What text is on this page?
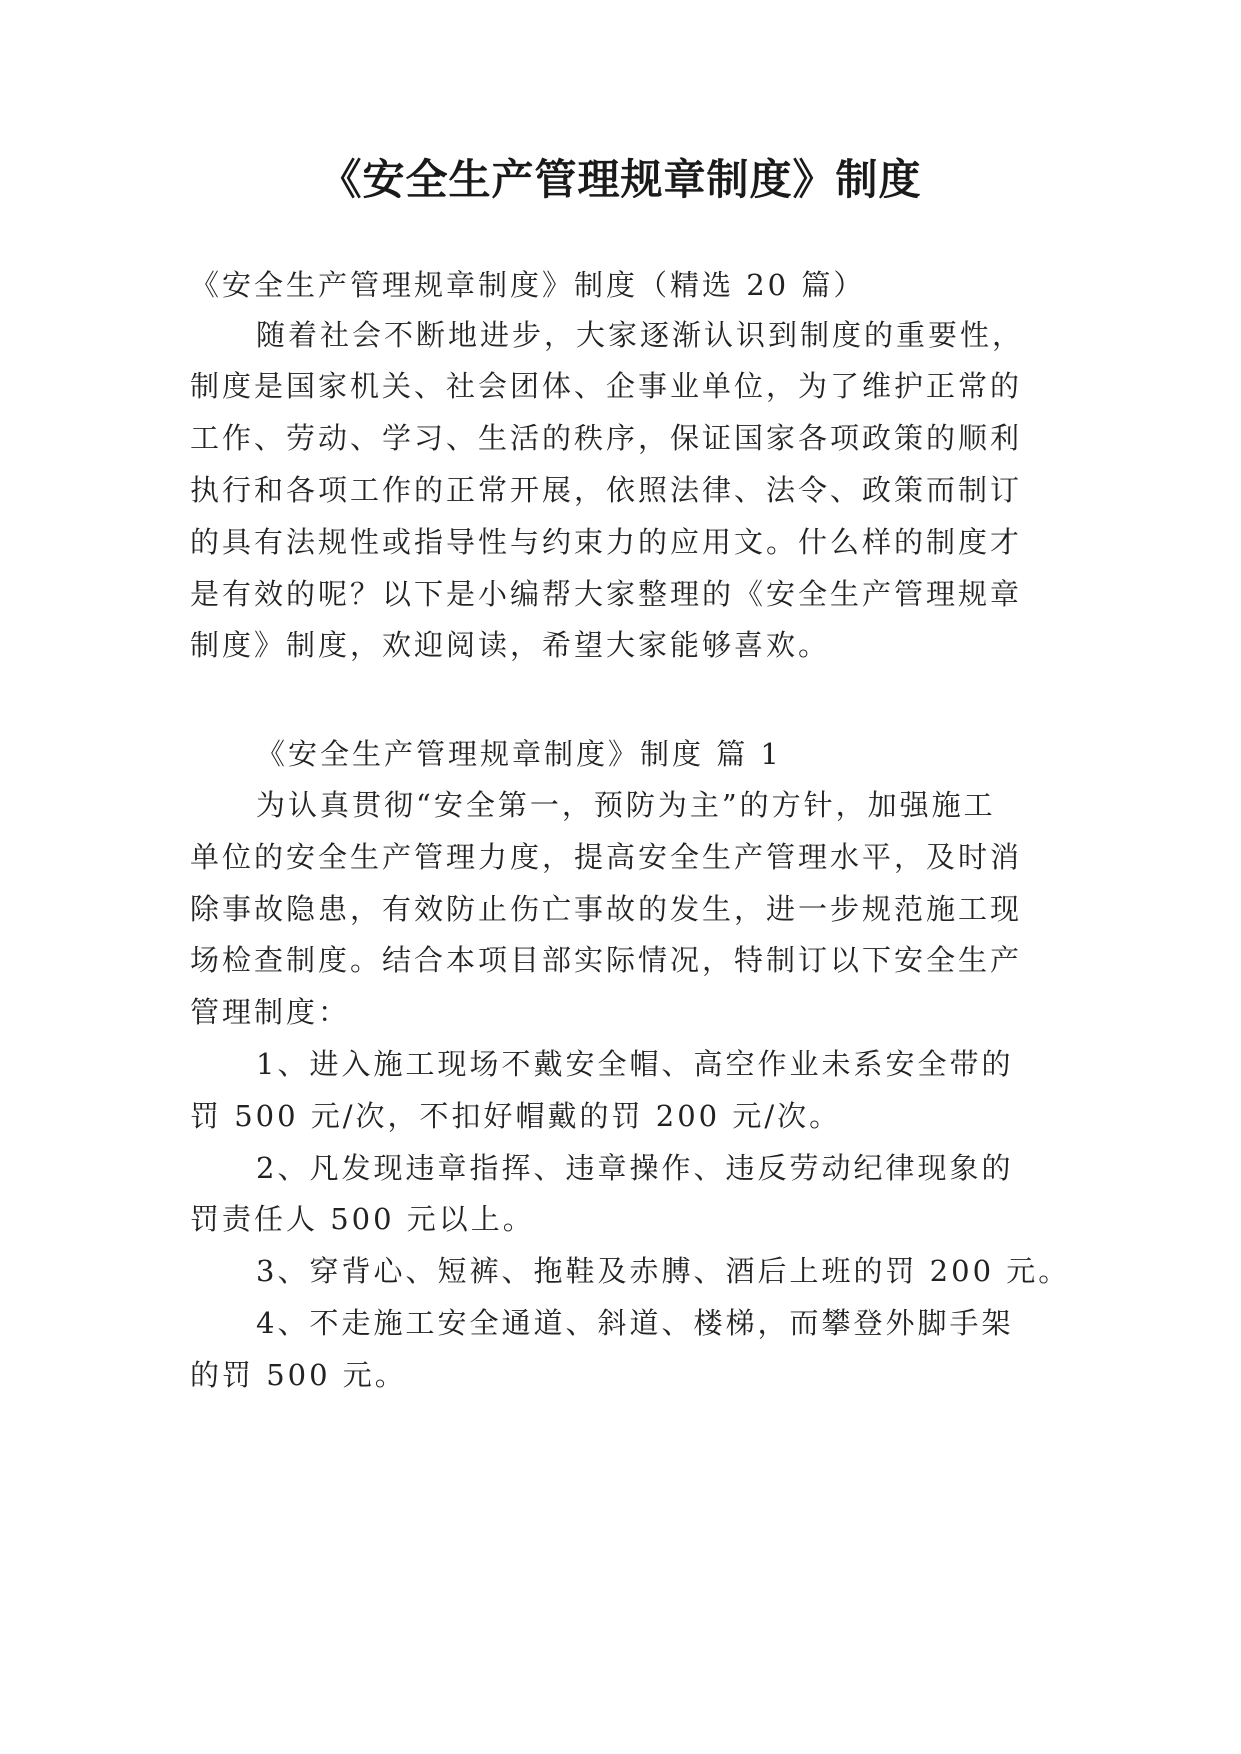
《安全生产管理规章制度》制度
《安全生产管理规章制度》制度（精选 20 篇）
随着社会不断地进步，大家逐渐认识到制度的重要性，
制度是国家机关、社会团体、企事业单位，为了维护正常的
工作、劳动、学习、生活的秩序，保证国家各项政策的顺利
执行和各项工作的正常开展，依照法律、法令、政策而制订
的具有法规性或指导性与约束力的应用文。什么样的制度才
是有效的呢？以下是小编帮大家整理的《安全生产管理规章
制度》制度，欢迎阅读，希望大家能够喜欢。
《安全生产管理规章制度》制度 篇 1
为认真贯彻“安全第一，预防为主”的方针，加强施工
单位的安全生产管理力度，提高安全生产管理水平，及时消
除事故隐患，有效防止伤亡事故的发生，进一步规范施工现
场检查制度。结合本项目部实际情况，特制订以下安全生产
管理制度：
1、进入施工现场不戴安全帽、高空作业未系安全带的
罚 500 元/次，不扣好帽戴的罚 200 元/次。
2、凡发现违章指挥、违章操作、违反劳动纪律现象的
罚责任人 500 元以上。
3、穿背心、短裤、拖鞋及赤膊、酒后上班的罚 200 元。
4、不走施工安全通道、斜道、楼梯，而攀登外脚手架
的罚 500 元。
